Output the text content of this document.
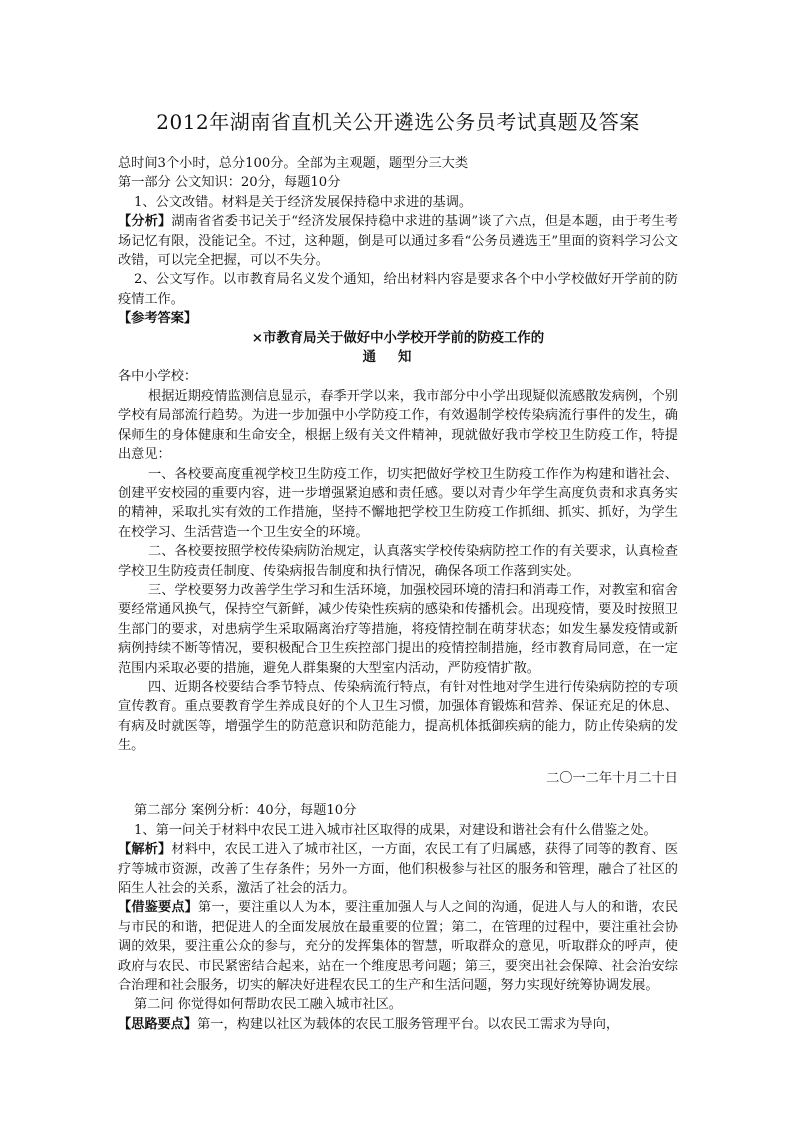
2012年湖南省直机关公开遴选公务员考试真题及答案

总时间3个小时，总分100分。全部为主观题，题型分三大类

第一部分 公文知识：20分，每题10分

1、公文改错。材料是关于经济发展保持稳中求进的基调。

【分析】湖南省省委书记关于“经济发展保持稳中求进的基调”谈了六点，但是本题，由于考生考场记忆有限，没能记全。不过，这种题，倒是可以通过多看“公务员遴选王”里面的资料学习公文改错，可以完全把握，可以不失分。

2、公文写作。以市教育局名义发个通知，给出材料内容是要求各个中小学校做好开学前的防疫情工作。

【参考答案】

×市教育局关于做好中小学校开学前的防疫工作的

通知

各中小学校：

根据近期疫情监测信息显示，春季开学以来，我市部分中小学出现疑似流感散发病例，个别学校有局部流行趋势。为进一步加强中小学防疫工作，有效遏制学校传染病流行事件的发生，确保师生的身体健康和生命安全，根据上级有关文件精神，现就做好我市学校卫生防疫工作，特提出意见：

一、各校要高度重视学校卫生防疫工作，切实把做好学校卫生防疫工作作为构建和谐社会、创建平安校园的重要内容，进一步增强紧迫感和责任感。要以对青少年学生高度负责和求真务实的精神，采取扎实有效的工作措施，坚持不懈地把学校卫生防疫工作抓细、抓实、抓好，为学生在校学习、生活营造一个卫生安全的环境。

二、各校要按照学校传染病防治规定，认真落实学校传染病防控工作的有关要求，认真检查学校卫生防疫责任制度、传染病报告制度和执行情况，确保各项工作落到实处。

三、学校要努力改善学生学习和生活环境，加强校园环境的清扫和消毒工作，对教室和宿舍要经常通风换气，保持空气新鲜，减少传染性疾病的感染和传播机会。出现疫情，要及时按照卫生部门的要求，对患病学生采取隔离治疗等措施，将疫情控制在萌芽状态；如发生暴发疫情或新病例持续不断等情况，要积极配合卫生疾控部门提出的疫情控制措施，经市教育局同意，在一定范围内采取必要的措施，避免人群集聚的大型室内活动，严防疫情扩散。

四、近期各校要结合季节特点、传染病流行特点，有针对性地对学生进行传染病防控的专项宣传教育。重点要教育学生养成良好的个人卫生习惯，加强体育锻炼和营养、保证充足的休息、有病及时就医等，增强学生的防范意识和防范能力，提高机体抵御疾病的能力，防止传染病的发生。

二〇一二年十月二十日

第二部分 案例分析：40分，每题10分

1、第一问关于材料中农民工进入城市社区取得的成果，对建设和谐社会有什么借鉴之处。

【解析】材料中，农民工进入了城市社区，一方面，农民工有了归属感，获得了同等的教育、医疗等城市资源，改善了生存条件；另外一方面，他们积极参与社区的服务和管理，融合了社区的陌生人社会的关系，激活了社会的活力。

【借鉴要点】第一，要注重以人为本，要注重加强人与人之间的沟通，促进人与人的和谐，农民与市民的和谐，把促进人的全面发展放在最重要的位置；第二，在管理的过程中，要注重社会协调的效果，要注重公众的参与，充分的发挥集体的智慧，听取群众的意见，听取群众的呼声，使政府与农民、市民紧密结合起来，站在一个维度思考问题；第三，要突出社会保障、社会治安综合治理和社会服务，切实的解决好进程农民工的生产和生活问题，努力实现好统筹协调发展。

第二问 你觉得如何帮助农民工融入城市社区。

【思路要点】第一，构建以社区为载体的农民工服务管理平台。以农民工需求为导向，
